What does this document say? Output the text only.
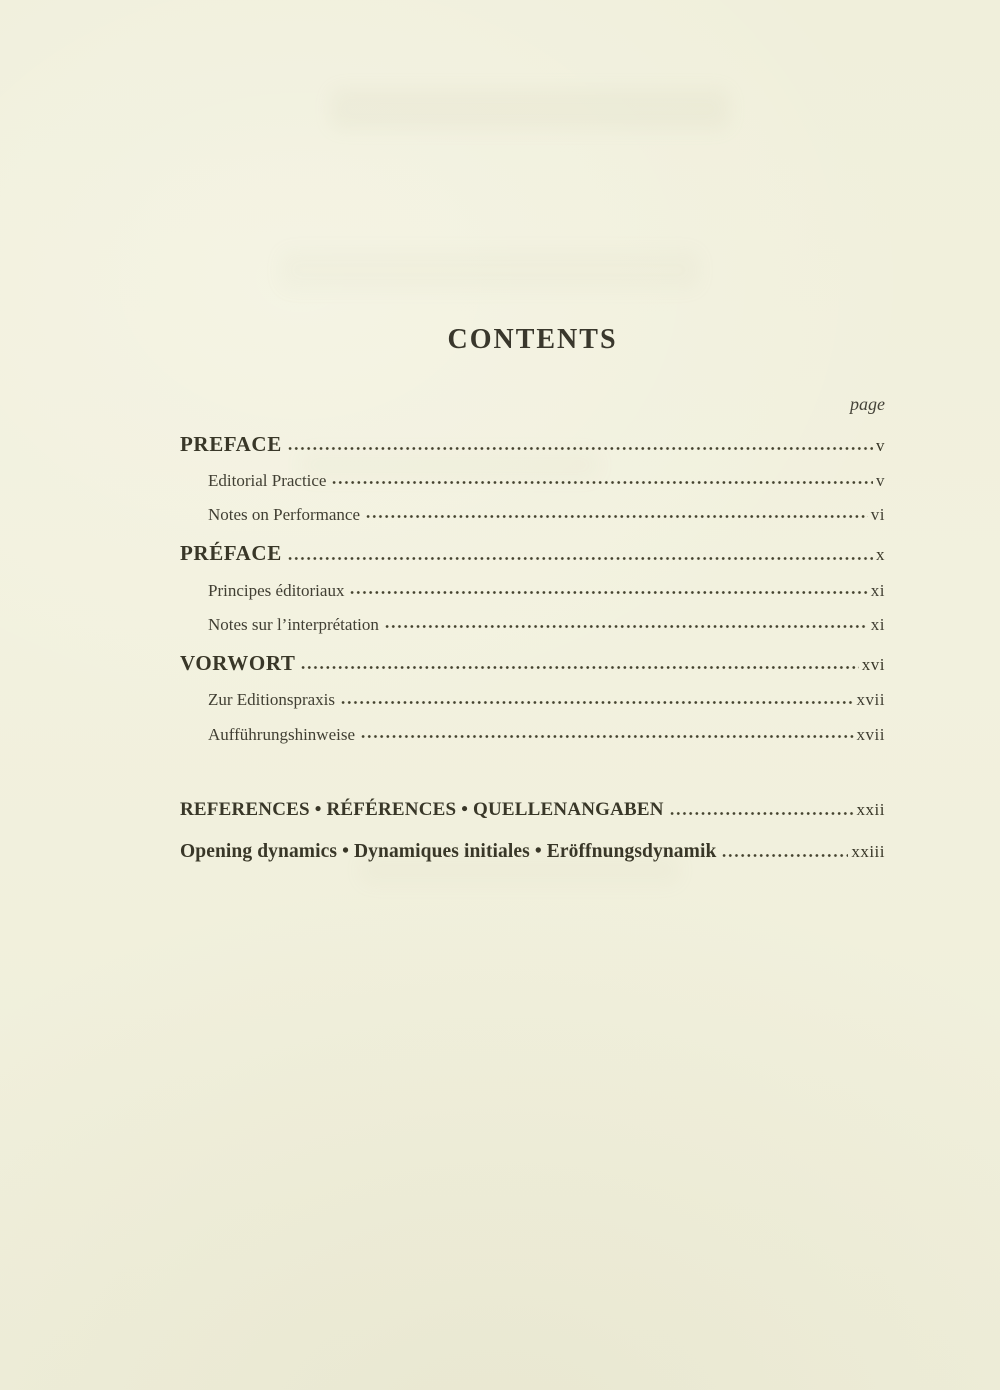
CONTENTS
page
PREFACE	v
Editorial Practice	v
Notes on Performance	vi
PRÉFACE	x
Principes éditoriaux	xi
Notes sur l’interprétation	xi
VORWORT	xvi
Zur Editionspraxis	xvii
Aufführungshinweise	xvii
REFERENCES • RÉFÉRENCES • QUELLENANGABEN	xxii
Opening dynamics • Dynamiques initiales • Eröffnungsdynamik	xxiii
